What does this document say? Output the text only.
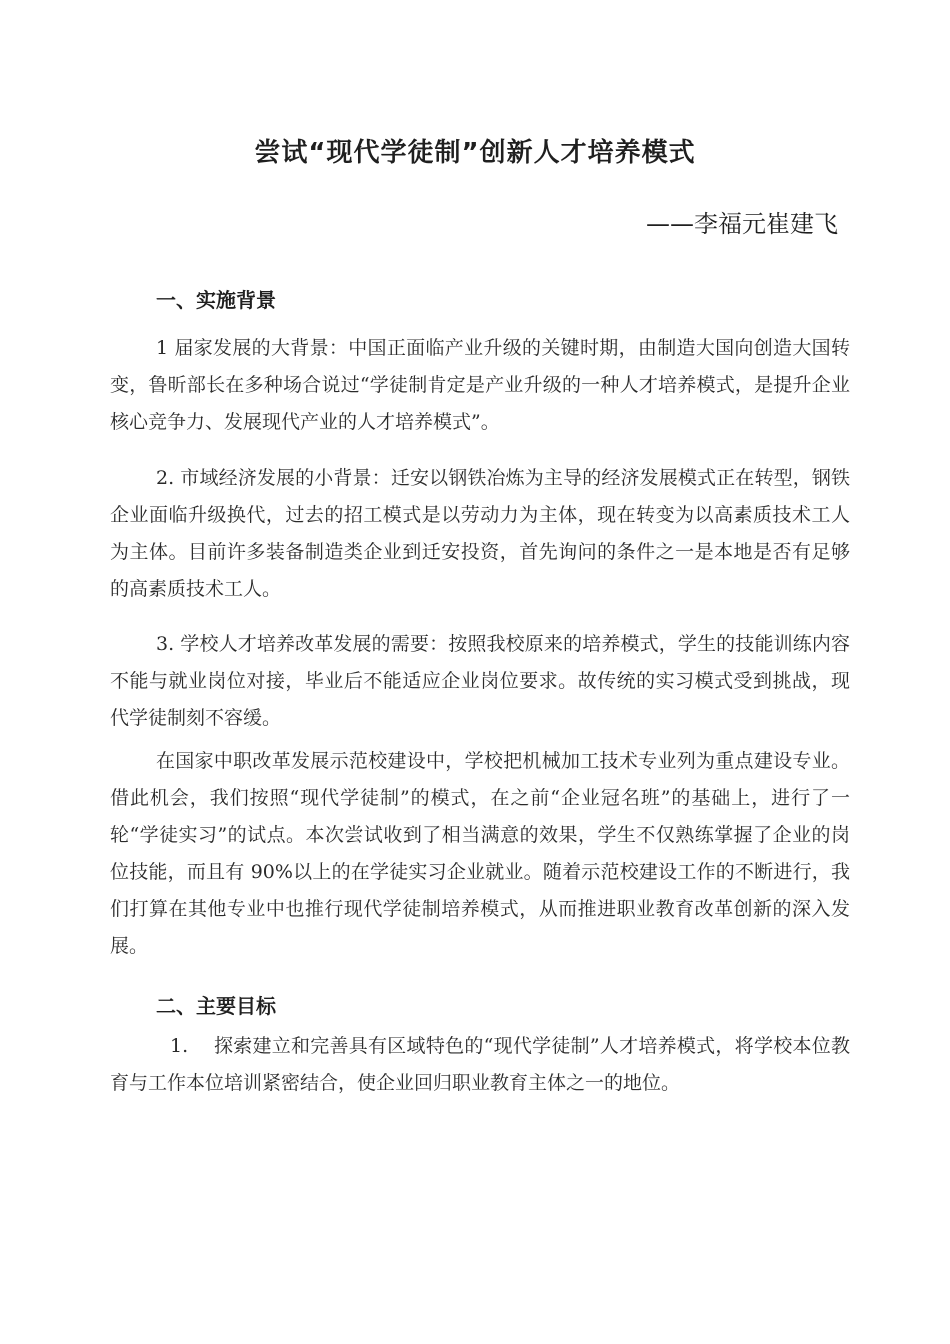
尝试“现代学徒制”创新人才培养模式
——李福元崔建飞
一、实施背景
1 届家发展的大背景：中国正面临产业升级的关键时期，由制造大国向创造大国转变，鲁昕部长在多种场合说过“学徒制肯定是产业升级的一种人才培养模式，是提升企业核心竞争力、发展现代产业的人才培养模式”。
2. 市域经济发展的小背景：迁安以钢铁冶炼为主导的经济发展模式正在转型，钢铁企业面临升级换代，过去的招工模式是以劳动力为主体，现在转变为以高素质技术工人为主体。目前许多装备制造类企业到迁安投资，首先询问的条件之一是本地是否有足够的高素质技术工人。
3. 学校人才培养改革发展的需要：按照我校原来的培养模式，学生的技能训练内容不能与就业岗位对接，毕业后不能适应企业岗位要求。故传统的实习模式受到挑战，现代学徒制刻不容缓。
在国家中职改革发展示范校建设中，学校把机械加工技术专业列为重点建设专业。借此机会，我们按照“现代学徒制”的模式，在之前“企业冠名班”的基础上，进行了一轮“学徒实习”的试点。本次尝试收到了相当满意的效果，学生不仅熟练掌握了企业的岗位技能，而且有 90%以上的在学徒实习企业就业。随着示范校建设工作的不断进行，我们打算在其他专业中也推行现代学徒制培养模式，从而推进职业教育改革创新的深入发展。
二、主要目标
1.　 探索建立和完善具有区域特色的“现代学徒制”人才培养模式，将学校本位教育与工作本位培训紧密结合，使企业回归职业教育主体之一的地位。
